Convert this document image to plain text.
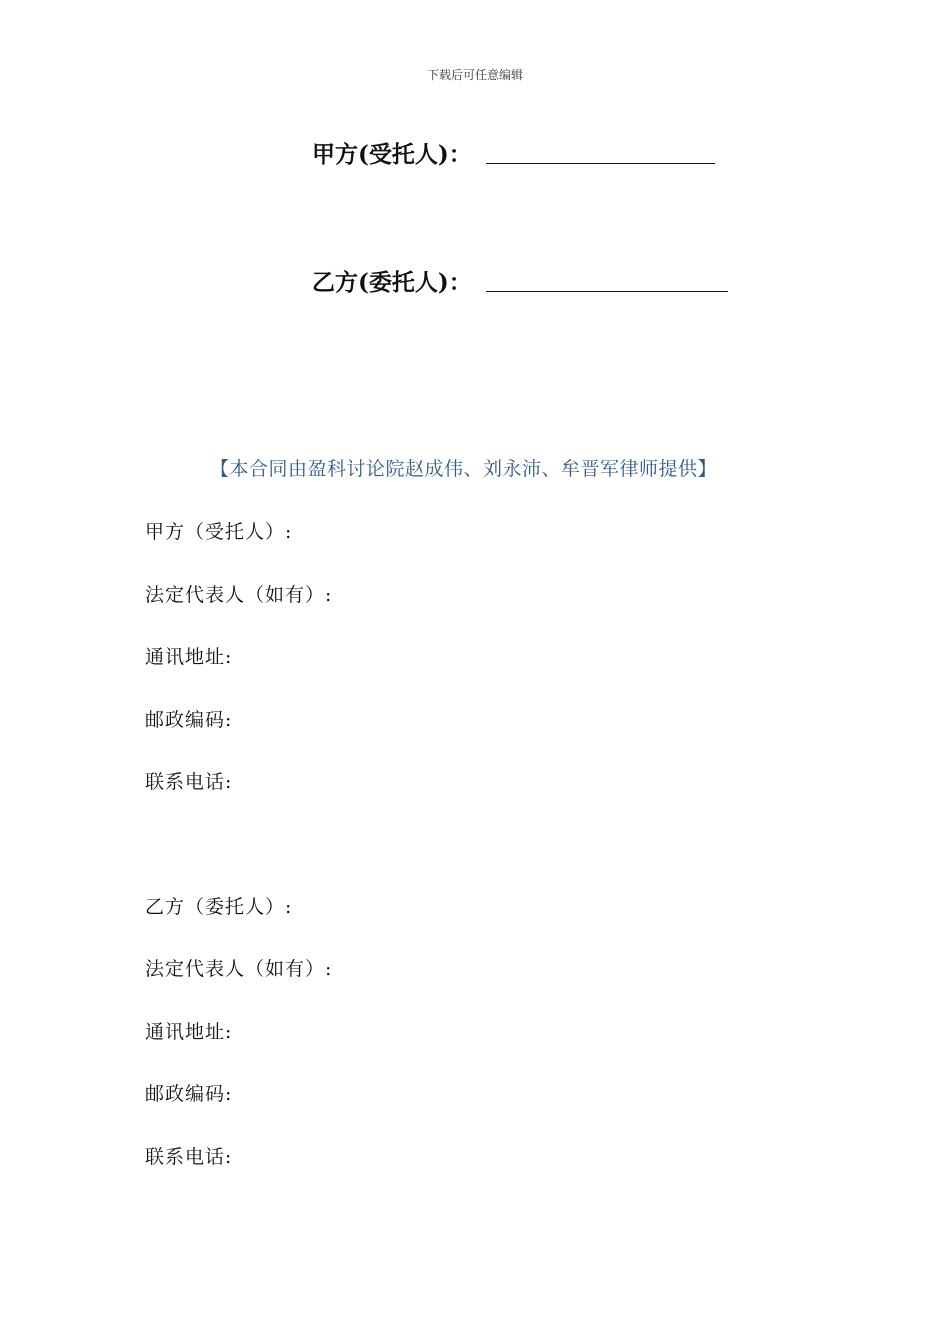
下载后可任意编辑
甲方(受托人)：
乙方(委托人)：
【本合同由盈科讨论院赵成伟、刘永沛、牟晋军律师提供】
甲方（受托人）:
法定代表人（如有）:
通讯地址:
邮政编码:
联系电话:
乙方（委托人）:
法定代表人（如有）:
通讯地址:
邮政编码:
联系电话:
